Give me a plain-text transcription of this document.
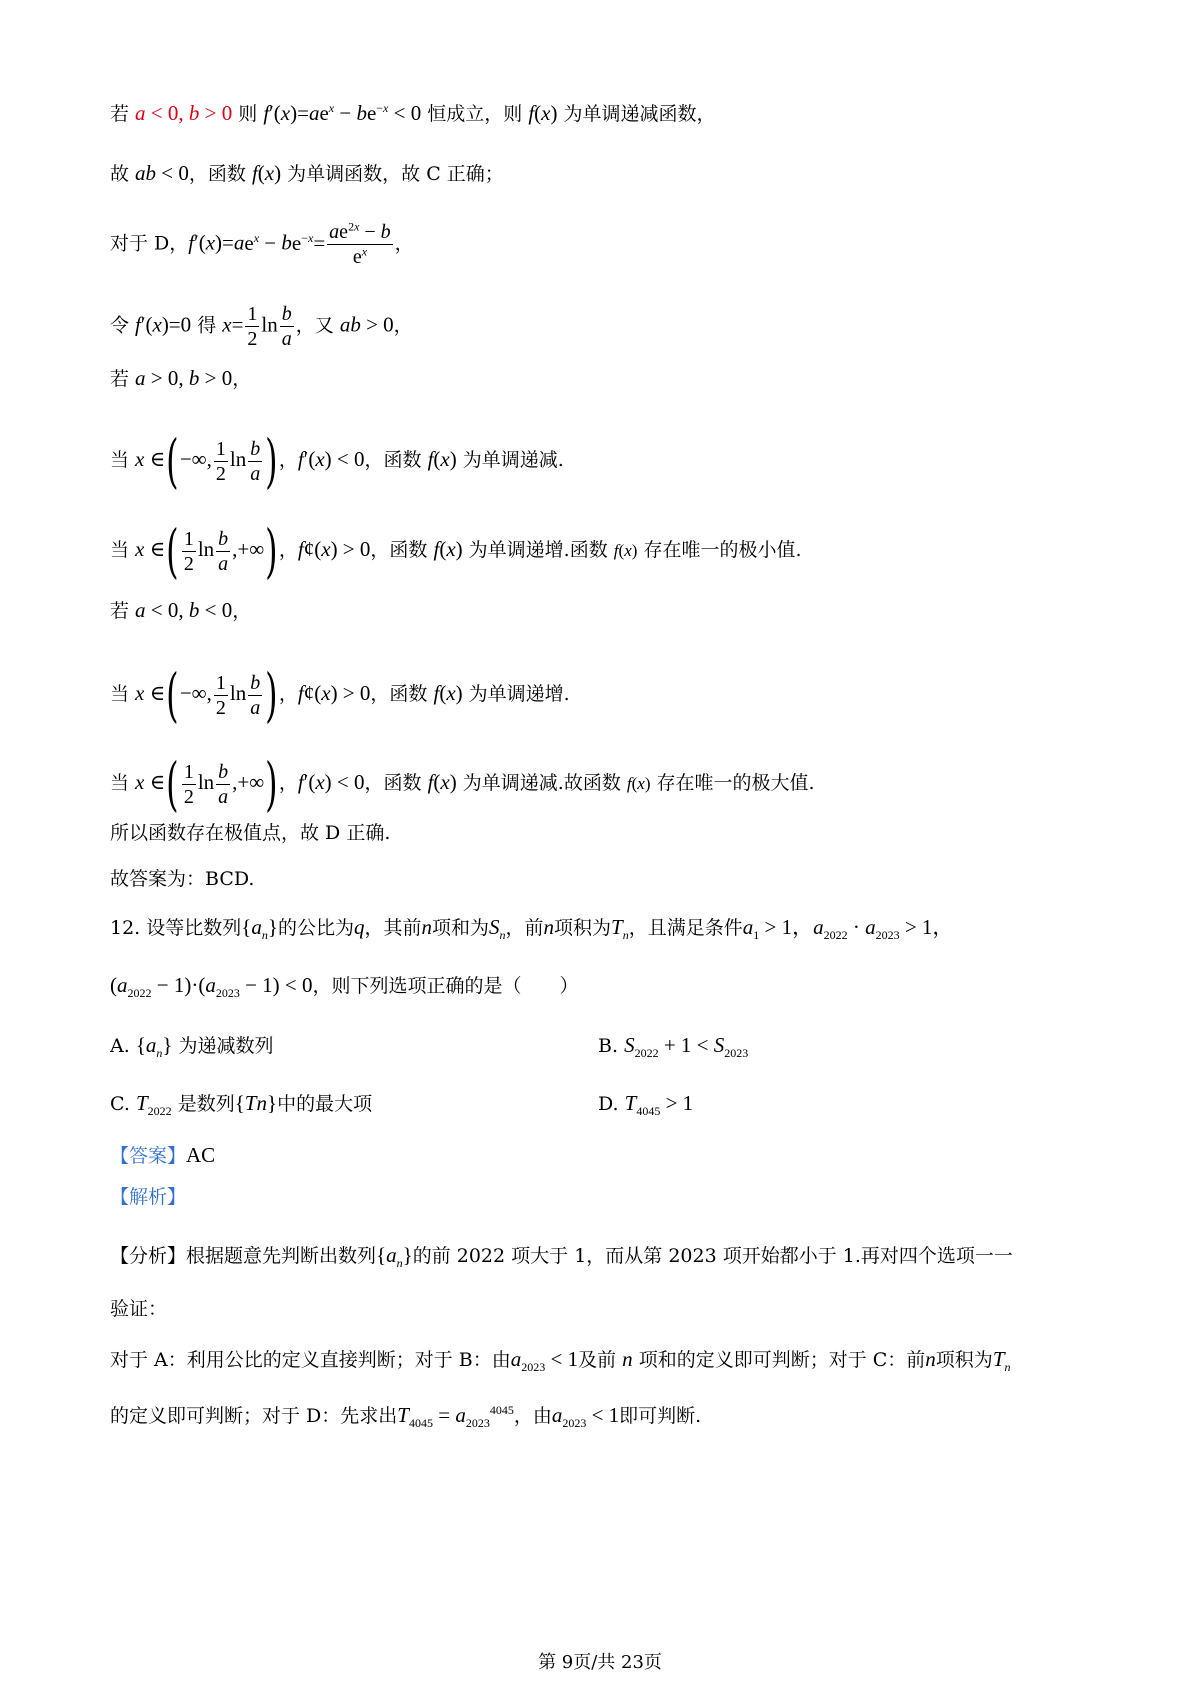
若 a < 0, b > 0 则 $f'(x)=ae^x - be^{-x} < 0$ 恒成立，则 f(x) 为单调递减函数，
故 ab < 0，函数 f(x) 为单调函数，故 C 正确；
对于 D，$f'(x)=ae^x - be^{-x}= \frac{ae^{2x} - b}{e^x}$ ，
令 f′(x)=0 得 $x= \frac{1}{2}$ $\ln \frac{b}{a}$ ，又 ab > 0，
若 a > 0, b > 0，
当 x ∈(−∞, $\frac{1}{2}$ $\ln \frac{b}{a}$ )，f′(x) < 0，函数 f(x) 为单调递减.
当 x ∈( $\frac{1}{2}$ $\ln \frac{b}{a}$ ,+∞)，f¢(x) > 0，函数 f(x) 为单调递增.函数 f(x) 存在唯一的极小值.
若 a < 0, b < 0，
当 x ∈(−∞, $\frac{1}{2}$ $\ln \frac{b}{a}$ )，f¢(x) > 0，函数 f(x) 为单调递增.
当 x ∈( $\frac{1}{2}$ $\ln \frac{b}{a}$ ,+∞)，f′(x) < 0，函数 f(x) 为单调递减.故函数 f(x) 存在唯一的极大值.
所以函数存在极值点，故 D 正确.
故答案为：BCD.
12. 设等比数列$\{a_n\}$的公比为q，其前n项和为$S_n$，前n项积为$T_n$，且满足条件$a_1 > 1$，$a_{2022} \cdot a_{2023} > 1$，
$(a_{2022} - 1)\cdot(a_{2023} - 1) < 0$，则下列选项正确的是（　　）
A. $\{a_n\}$ 为递减数列	B. $S_{2022} + 1 < S_{2023}$
C. $T_{2022}$ 是数列{Tn}中的最大项	D. $T_{4045} > 1$
【答案】AC
【解析】
【分析】根据题意先判断出数列$\{a_n\}$的前 2022 项大于 1，而从第 2023 项开始都小于 1.再对四个选项一一
验证：
对于 A：利用公比的定义直接判断；对于 B：由$a_{2023} < 1$及前 n 项和的定义即可判断；对于 C：前n项积为$T_n$
的定义即可判断；对于 D：先求出$T_{4045} = a_{2023}^{4045}$，由$a_{2023} < 1$即可判断.
第 9页/共 23页
